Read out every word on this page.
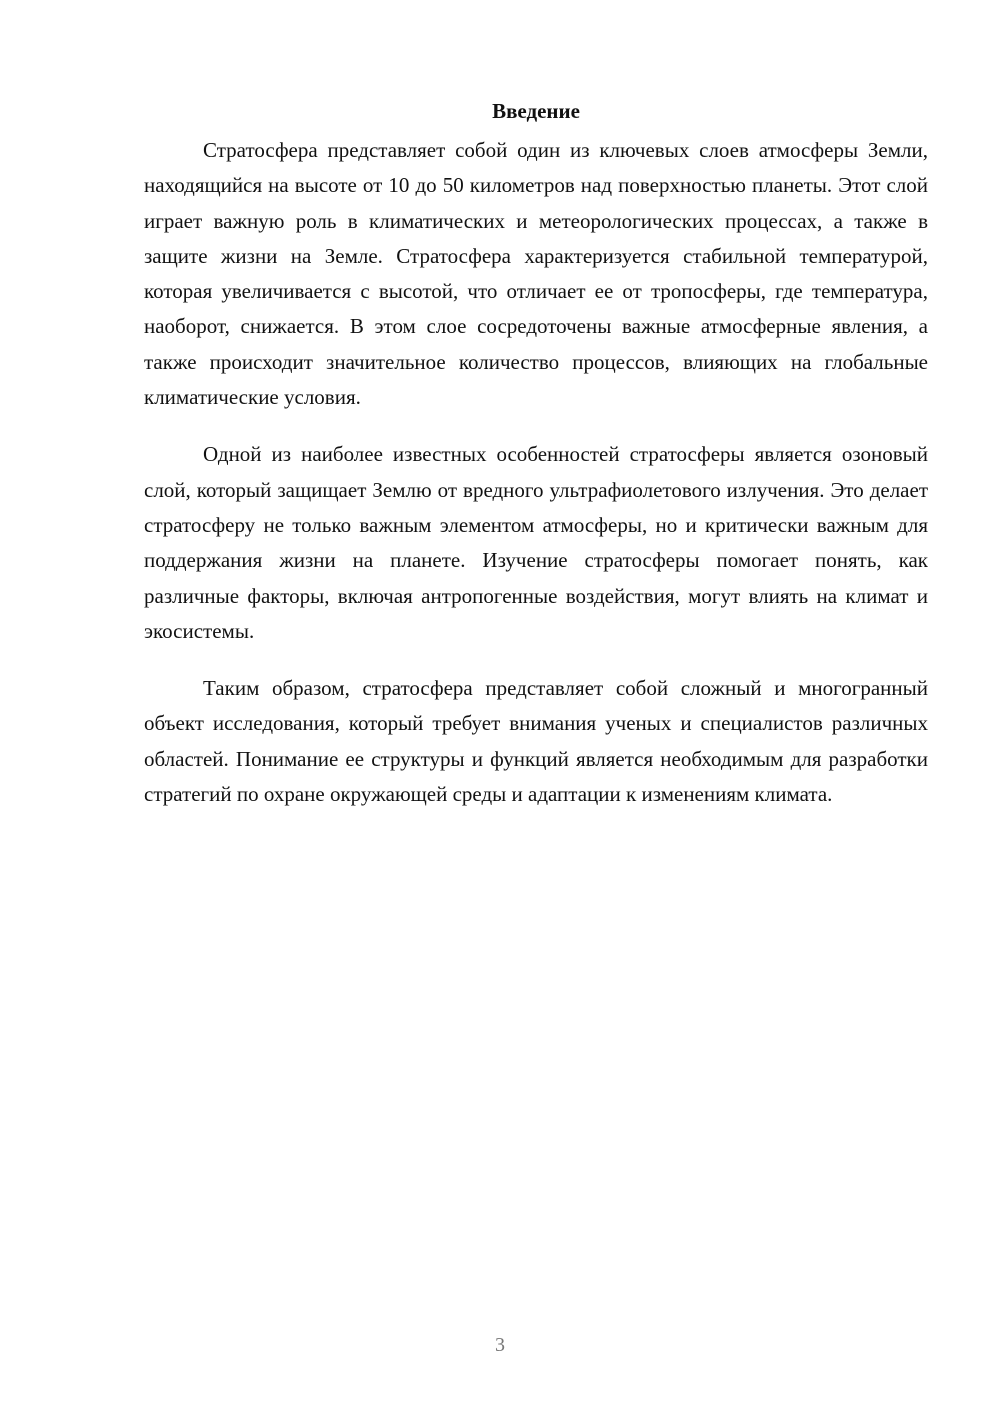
Введение

Стратосфера представляет собой один из ключевых слоев атмосферы Земли, находящийся на высоте от 10 до 50 километров над поверхностью планеты. Этот слой играет важную роль в климатических и метеорологических процессах, а также в защите жизни на Земле. Стратосфера характеризуется стабильной температурой, которая увеличивается с высотой, что отличает ее от тропосферы, где температура, наоборот, снижается. В этом слое сосредоточены важные атмосферные явления, а также происходит значительное количество процессов, влияющих на глобальные климатические условия.

Одной из наиболее известных особенностей стратосферы является озоновый слой, который защищает Землю от вредного ультрафиолетового излучения. Это делает стратосферу не только важным элементом атмосферы, но и критически важным для поддержания жизни на планете. Изучение стратосферы помогает понять, как различные факторы, включая антропогенные воздействия, могут влиять на климат и экосистемы.

Таким образом, стратосфера представляет собой сложный и многогранный объект исследования, который требует внимания ученых и специалистов различных областей. Понимание ее структуры и функций является необходимым для разработки стратегий по охране окружающей среды и адаптации к изменениям климата.

3
